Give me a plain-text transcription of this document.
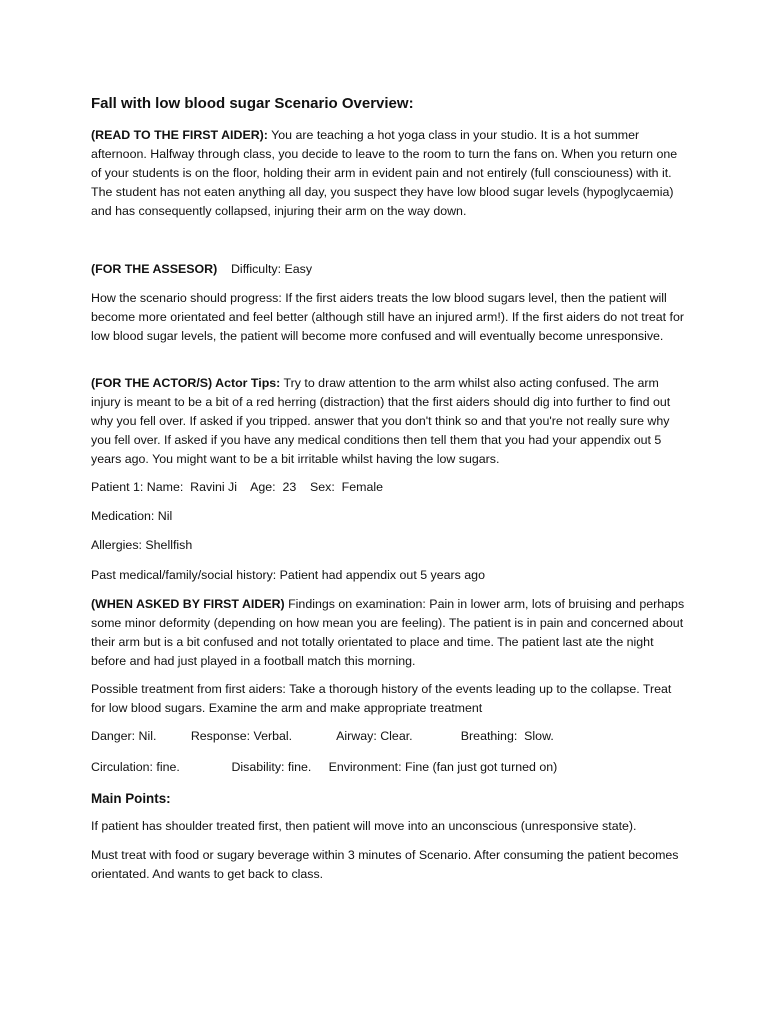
Fall with low blood sugar Scenario Overview:

(READ TO THE FIRST AIDER): You are teaching a hot yoga class in your studio. It is a hot summer afternoon. Halfway through class, you decide to leave to the room to turn the fans on. When you return one of your students is on the floor, holding their arm in evident pain and not entirely (full consciouness) with it. The student has not eaten anything all day, you suspect they have low blood sugar levels (hypoglycaemia) and has consequently collapsed, injuring their arm on the way down.

(FOR THE ASSESOR)    Difficulty: Easy

How the scenario should progress: If the first aiders treats the low blood sugars level, then the patient will become more orientated and feel better (although still have an injured arm!). If the first aiders do not treat for low blood sugar levels, the patient will become more confused and will eventually become unresponsive.

(FOR THE ACTOR/S) Actor Tips: Try to draw attention to the arm whilst also acting confused. The arm injury is meant to be a bit of a red herring (distraction) that the first aiders should dig into further to find out why you fell over. If asked if you tripped. answer that you don't think so and that you're not really sure why you fell over. If asked if you have any medical conditions then tell them that you had your appendix out 5 years ago. You might want to be a bit irritable whilst having the low sugars.

Patient 1: Name:  Ravini Ji    Age:  23    Sex:  Female

Medication: Nil

Allergies: Shellfish

Past medical/family/social history: Patient had appendix out 5 years ago

(WHEN ASKED BY FIRST AIDER) Findings on examination: Pain in lower arm, lots of bruising and perhaps some minor deformity (depending on how mean you are feeling). The patient is in pain and concerned about their arm but is a bit confused and not totally orientated to place and time. The patient last ate the night before and had just played in a football match this morning.

Possible treatment from first aiders: Take a thorough history of the events leading up to the collapse. Treat for low blood sugars. Examine the arm and make appropriate treatment

Danger: Nil.          Response: Verbal.             Airway: Clear.              Breathing:  Slow.

Circulation: fine.               Disability: fine.     Environment: Fine (fan just got turned on)

Main Points:

If patient has shoulder treated first, then patient will move into an unconscious (unresponsive state).

Must treat with food or sugary beverage within 3 minutes of Scenario. After consuming the patient becomes orientated. And wants to get back to class.
